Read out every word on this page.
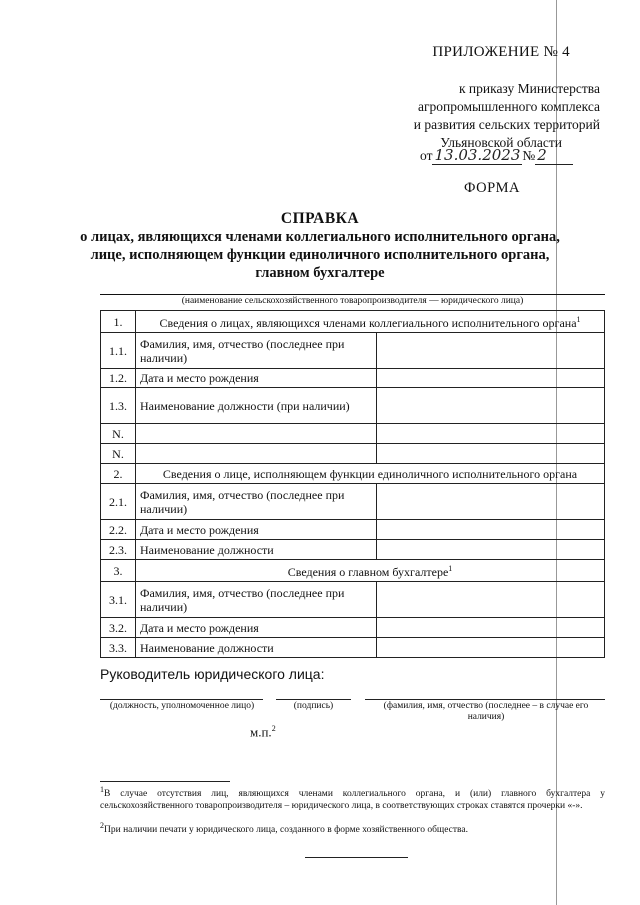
ПРИЛОЖЕНИЕ № 4
к приказу Министерства
агропромышленного комплекса
и развития сельских территорий
Ульяновской области
от 13.03.2023 № 2
ФОРМА
СПРАВКА
о лицах, являющихся членами коллегиального исполнительного органа,
лице, исполняющем функции единоличного исполнительного органа,
главном бухгалтере
(наименование сельскохозяйственного товаропроизводителя — юридического лица)
1.	Сведения о лицах, являющихся членами коллегиального исполнительного органа$^1$
1.1.	Фамилия, имя, отчество (последнее при наличии)	
1.2.	Дата и место рождения	
1.3.	Наименование должности (при наличии)	
N.		
N.		
2.	Сведения о лице, исполняющем функции единоличного исполнительного органа	
2.1.	Фамилия, имя, отчество (последнее при наличии)	
2.2.	Дата и место рождения	
2.3.	Наименование должности	
3.	Сведения о главном бухгалтере$^1$
3.1.	Фамилия, имя, отчество (последнее при наличии)	
3.2.	Дата и место рождения	
3.3.	Наименование должности	
Руководитель юридического лица:
(должность, уполномоченное лицо)	(подпись)	(фамилия, имя, отчество (последнее – в случае его наличия)
м.п.$^2$
$^1$В случае отсутствия лиц, являющихся членами коллегиального органа, и (или) главного бухгалтера у сельскохозяйственного товаропроизводителя – юридического лица, в соответствующих строках ставятся прочерки «-».
$^2$При наличии печати у юридического лица, созданного в форме хозяйственного общества.
